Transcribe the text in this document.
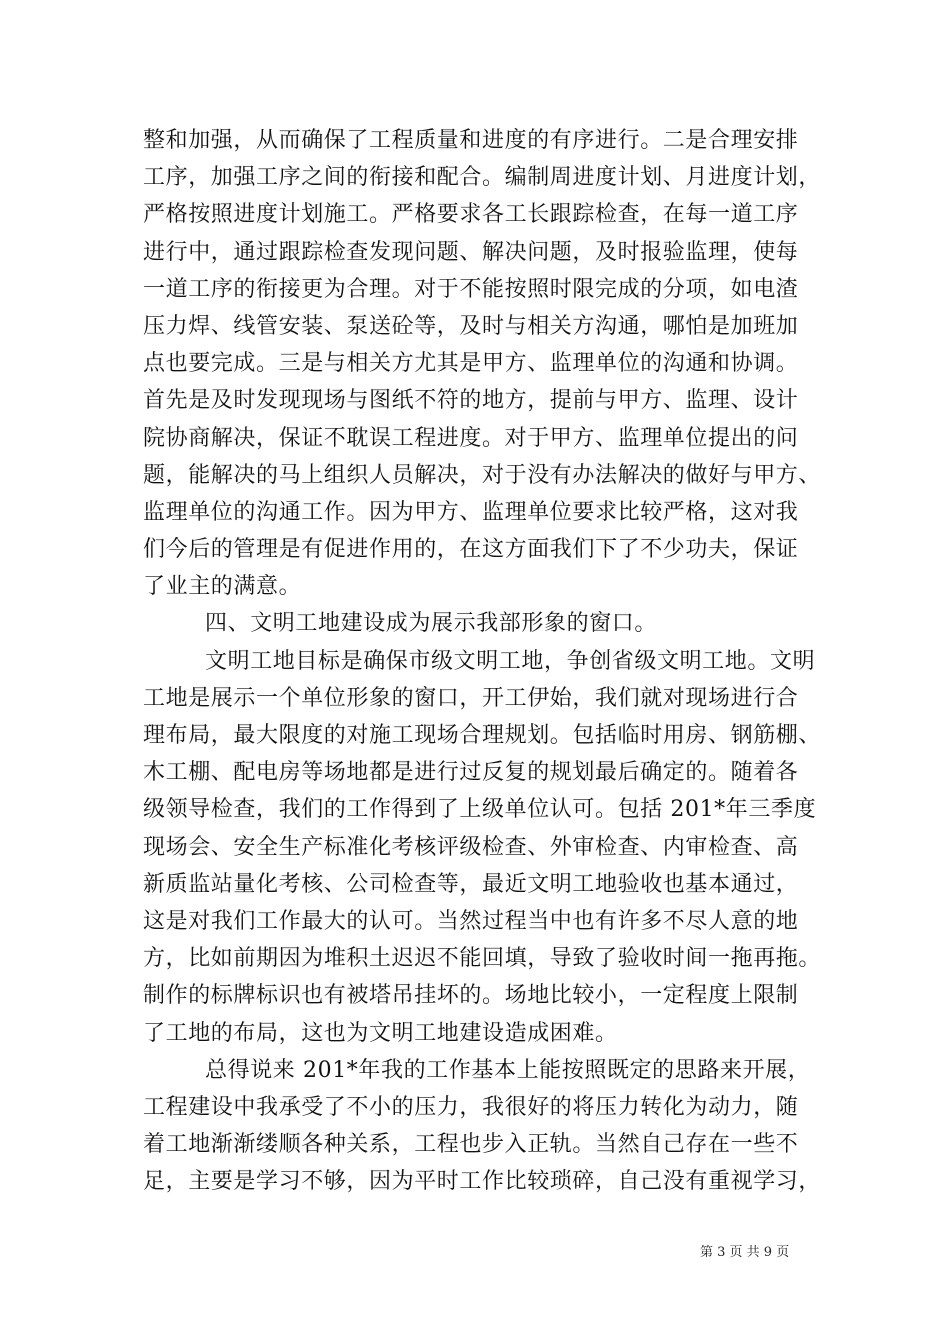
整和加强，从而确保了工程质量和进度的有序进行。二是合理安排
工序，加强工序之间的衔接和配合。编制周进度计划、月进度计划，
严格按照进度计划施工。严格要求各工长跟踪检查，在每一道工序
进行中，通过跟踪检查发现问题、解决问题，及时报验监理，使每
一道工序的衔接更为合理。对于不能按照时限完成的分项，如电渣
压力焊、线管安装、泵送砼等，及时与相关方沟通，哪怕是加班加
点也要完成。三是与相关方尤其是甲方、监理单位的沟通和协调。
首先是及时发现现场与图纸不符的地方，提前与甲方、监理、设计
院协商解决，保证不耽误工程进度。对于甲方、监理单位提出的问
题，能解决的马上组织人员解决，对于没有办法解决的做好与甲方、
监理单位的沟通工作。因为甲方、监理单位要求比较严格，这对我
们今后的管理是有促进作用的，在这方面我们下了不少功夫，保证
了业主的满意。
四、文明工地建设成为展示我部形象的窗口。
文明工地目标是确保市级文明工地，争创省级文明工地。文明
工地是展示一个单位形象的窗口，开工伊始，我们就对现场进行合
理布局，最大限度的对施工现场合理规划。包括临时用房、钢筋棚、
木工棚、配电房等场地都是进行过反复的规划最后确定的。随着各
级领导检查，我们的工作得到了上级单位认可。包括 201*年三季度
现场会、安全生产标准化考核评级检查、外审检查、内审检查、高
新质监站量化考核、公司检查等，最近文明工地验收也基本通过，
这是对我们工作最大的认可。当然过程当中也有许多不尽人意的地
方，比如前期因为堆积土迟迟不能回填，导致了验收时间一拖再拖。
制作的标牌标识也有被塔吊挂坏的。场地比较小，一定程度上限制
了工地的布局，这也为文明工地建设造成困难。
总得说来 201*年我的工作基本上能按照既定的思路来开展，
工程建设中我承受了不小的压力，我很好的将压力转化为动力，随
着工地渐渐缕顺各种关系，工程也步入正轨。当然自己存在一些不
足，主要是学习不够，因为平时工作比较琐碎，自己没有重视学习，
第 3 页 共 9 页
